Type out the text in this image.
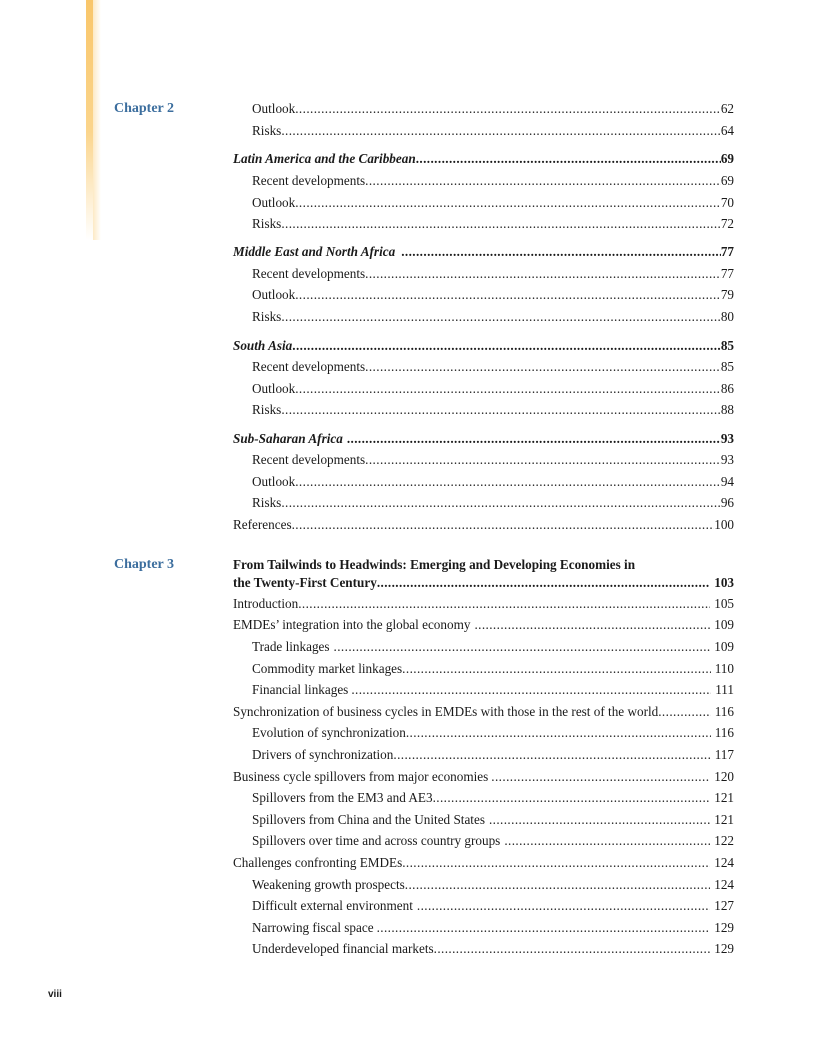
Chapter 2	Outlook .....	62
Risks .....	64
Latin America and the Caribbean .....	69
Recent developments .....	69
Outlook .....	70
Risks .....	72
Middle East and North Africa .....	77
Recent developments .....	77
Outlook .....	79
Risks .....	80
South Asia .....	85
Recent developments .....	85
Outlook .....	86
Risks .....	88
Sub-Saharan Africa .....	93
Recent developments .....	93
Outlook .....	94
Risks .....	96
References .....	100
Chapter 3	From Tailwinds to Headwinds: Emerging and Developing Economies in
the Twenty-First Century .....	103
Introduction .....	105
EMDEs’ integration into the global economy .....	109
Trade linkages .....	109
Commodity market linkages .....	110
Financial linkages .....	111
Synchronization of business cycles in EMDEs with those in the rest of the world .....	116
Evolution of synchronization .....	116
Drivers of synchronization .....	117
Business cycle spillovers from major economies .....	120
Spillovers from the EM3 and AE3 .....	121
Spillovers from China and the United States .....	121
Spillovers over time and across country groups .....	122
Challenges confronting EMDEs .....	124
Weakening growth prospects .....	124
Difficult external environment .....	127
Narrowing fiscal space .....	129
Underdeveloped financial markets .....	129
viii
